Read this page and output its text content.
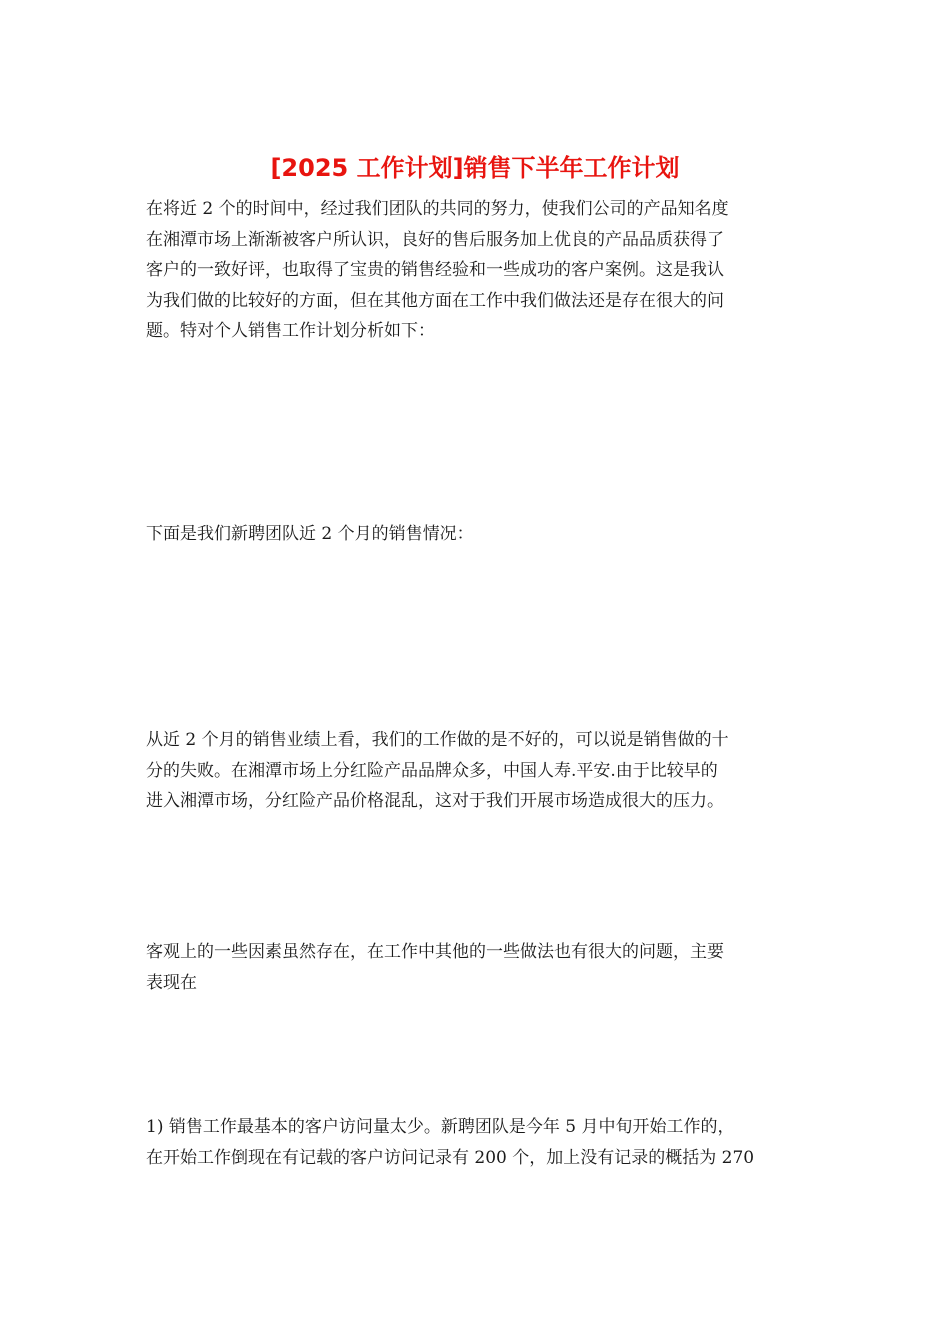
[2025 工作计划]销售下半年工作计划
在将近 2 个的时间中，经过我们团队的共同的努力，使我们公司的产品知名度
在湘潭市场上渐渐被客户所认识，良好的售后服务加上优良的产品品质获得了
客户的一致好评，也取得了宝贵的销售经验和一些成功的客户案例。这是我认
为我们做的比较好的方面，但在其他方面在工作中我们做法还是存在很大的问
题。特对个人销售工作计划分析如下：
下面是我们新聘团队近 2 个月的销售情况：
从近 2 个月的销售业绩上看，我们的工作做的是不好的，可以说是销售做的十
分的失败。在湘潭市场上分红险产品品牌众多，中国人寿.平安.由于比较早的
进入湘潭市场，分红险产品价格混乱，这对于我们开展市场造成很大的压力。
客观上的一些因素虽然存在，在工作中其他的一些做法也有很大的问题，主要
表现在
1) 销售工作最基本的客户访问量太少。新聘团队是今年 5 月中旬开始工作的，
在开始工作倒现在有记载的客户访问记录有 200 个，加上没有记录的概括为 270
